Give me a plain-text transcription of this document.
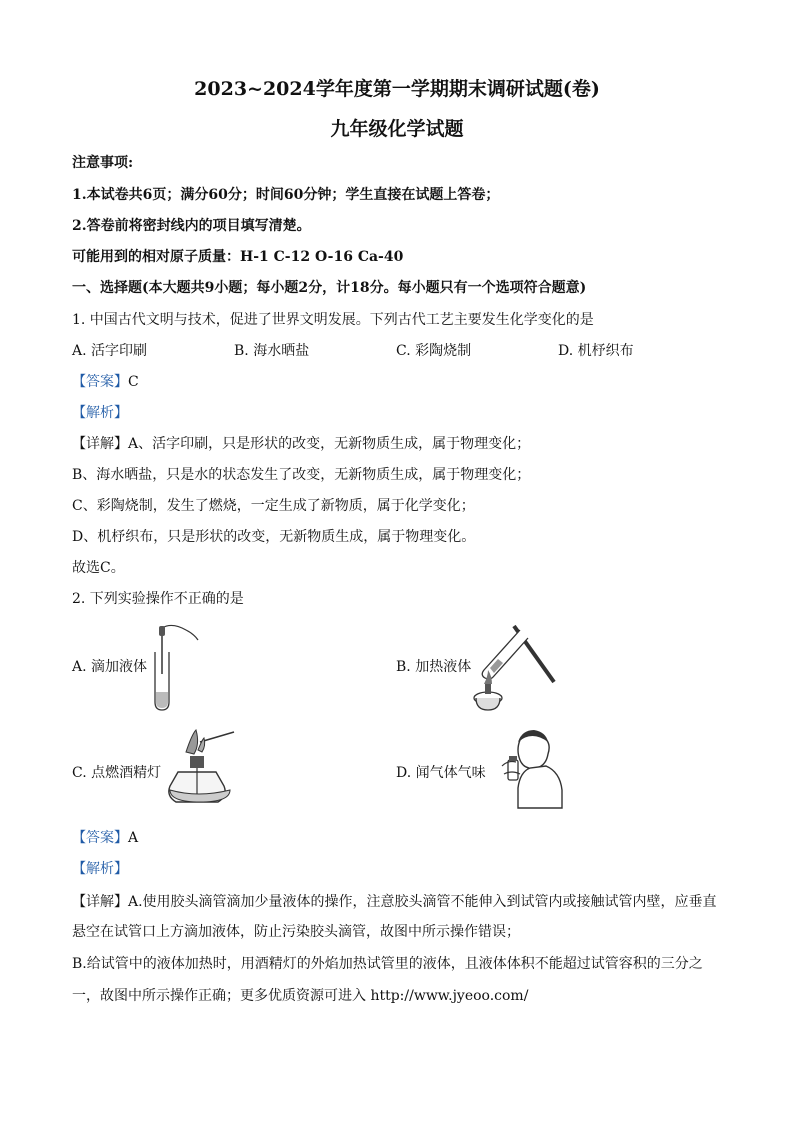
2023~2024学年度第一学期期末调研试题(卷)
九年级化学试题
注意事项:
1.本试卷共6页；满分60分；时间60分钟；学生直接在试题上答卷；
2.答卷前将密封线内的项目填写清楚。
可能用到的相对原子质量：H-1 C-12 O-16 Ca-40
一、选择题(本大题共9小题；每小题2分，计18分。每小题只有一个选项符合题意)
1. 中国古代文明与技术，促进了世界文明发展。下列古代工艺主要发生化学变化的是
A. 活字印刷	B. 海水晒盐	C. 彩陶烧制	D. 机杼织布
【答案】C
【解析】
【详解】A、活字印刷，只是形状的改变，无新物质生成，属于物理变化；
B、海水晒盐，只是水的状态发生了改变，无新物质生成，属于物理变化；
C、彩陶烧制，发生了燃烧，一定生成了新物质，属于化学变化；
D、机杼织布，只是形状的改变，无新物质生成，属于物理变化。
故选C。
2. 下列实验操作不正确的是
A. 滴加液体	B. 加热液体
C. 点燃酒精灯	D. 闻气体气味
【答案】A
【解析】
【详解】A.使用胶头滴管滴加少量液体的操作，注意胶头滴管不能伸入到试管内或接触试管内壁，应垂直
悬空在试管口上方滴加液体，防止污染胶头滴管，故图中所示操作错误；
B.给试管中的液体加热时，用酒精灯的外焰加热试管里的液体，且液体体积不能超过试管容积的三分之
一，故图中所示操作正确；更多优质资源可进入 http://www.jyeoo.com/
